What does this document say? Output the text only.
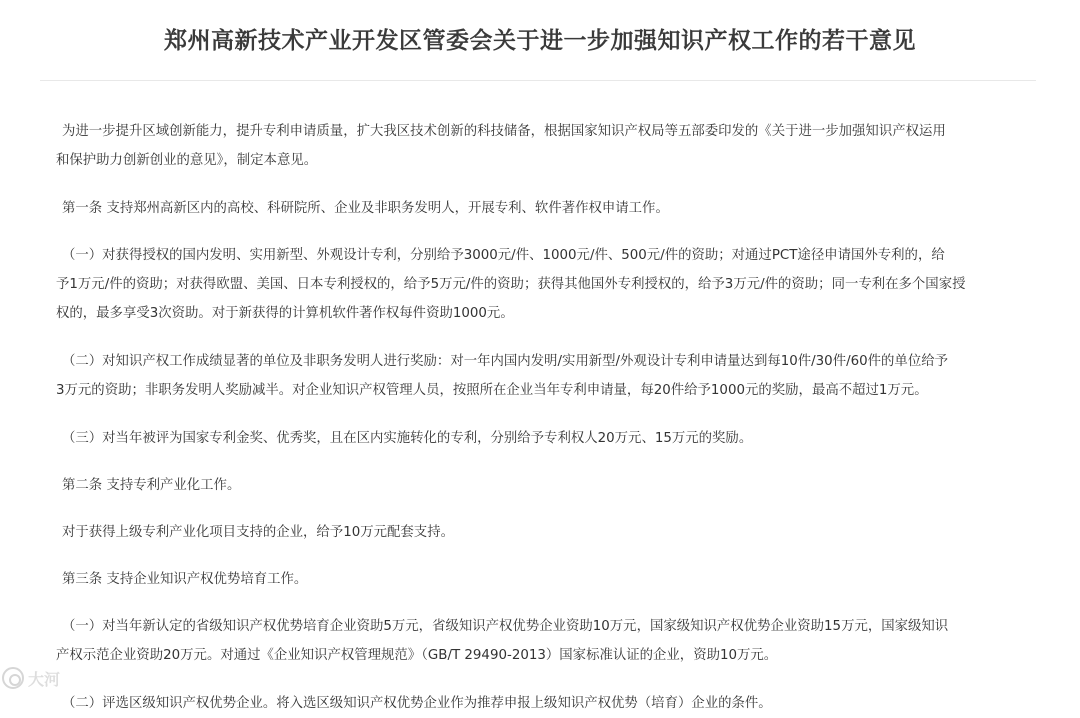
郑州高新技术产业开发区管委会关于进一步加强知识产权工作的若干意见

为进一步提升区域创新能力，提升专利申请质量，扩大我区技术创新的科技储备，根据国家知识产权局等五部委印发的《关于进一步加强知识产权运用
和保护助力创新创业的意见》，制定本意见。

第一条 支持郑州高新区内的高校、科研院所、企业及非职务发明人，开展专利、软件著作权申请工作。

（一）对获得授权的国内发明、实用新型、外观设计专利，分别给予3000元/件、1000元/件、500元/件的资助；对通过PCT途径申请国外专利的，给
予1万元/件的资助；对获得欧盟、美国、日本专利授权的，给予5万元/件的资助；获得其他国外专利授权的，给予3万元/件的资助；同一专利在多个国家授
权的，最多享受3次资助。对于新获得的计算机软件著作权每件资助1000元。

（二）对知识产权工作成绩显著的单位及非职务发明人进行奖励：对一年内国内发明/实用新型/外观设计专利申请量达到每10件/30件/60件的单位给予
3万元的资助；非职务发明人奖励减半。对企业知识产权管理人员，按照所在企业当年专利申请量，每20件给予1000元的奖励，最高不超过1万元。

（三）对当年被评为国家专利金奖、优秀奖，且在区内实施转化的专利，分别给予专利权人20万元、15万元的奖励。

第二条 支持专利产业化工作。

对于获得上级专利产业化项目支持的企业，给予10万元配套支持。

第三条 支持企业知识产权优势培育工作。

（一）对当年新认定的省级知识产权优势培育企业资助5万元，省级知识产权优势企业资助10万元，国家级知识产权优势企业资助15万元，国家级知识
产权示范企业资助20万元。对通过《企业知识产权管理规范》（GB/T 29490-2013）国家标准认证的企业，资助10万元。

（二）评选区级知识产权优势企业。将入选区级知识产权优势企业作为推荐申报上级知识产权优势（培育）企业的条件。

大河
